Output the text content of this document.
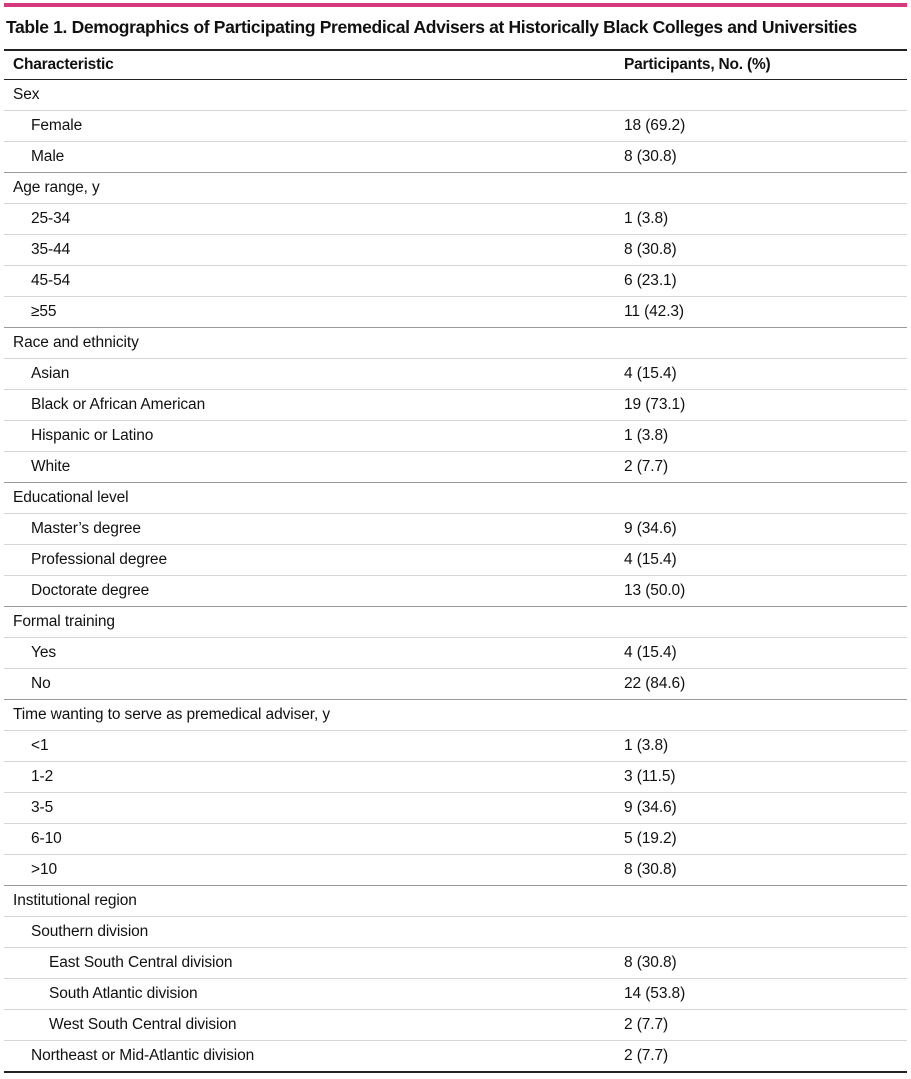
Table 1. Demographics of Participating Premedical Advisers at Historically Black Colleges and Universities
Characteristic	Participants, No. (%)
Sex	
Female	18 (69.2)
Male	8 (30.8)
Age range, y	
25-34	1 (3.8)
35-44	8 (30.8)
45-54	6 (23.1)
≥55	11 (42.3)
Race and ethnicity	
Asian	4 (15.4)
Black or African American	19 (73.1)
Hispanic or Latino	1 (3.8)
White	2 (7.7)
Educational level	
Master’s degree	9 (34.6)
Professional degree	4 (15.4)
Doctorate degree	13 (50.0)
Formal training	
Yes	4 (15.4)
No	22 (84.6)
Time wanting to serve as premedical adviser, y	
<1	1 (3.8)
1-2	3 (11.5)
3-5	9 (34.6)
6-10	5 (19.2)
>10	8 (30.8)
Institutional region	
Southern division	
East South Central division	8 (30.8)
South Atlantic division	14 (53.8)
West South Central division	2 (7.7)
Northeast or Mid-Atlantic division	2 (7.7)
